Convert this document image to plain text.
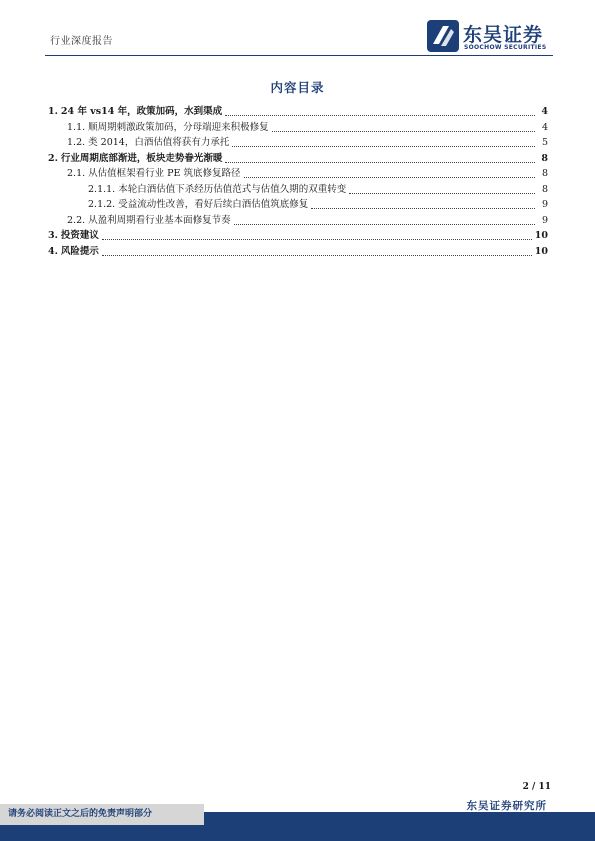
行业深度报告	东吴证券
SOOCHOW SECURITIES
内容目录
1. 24 年 vs14 年，政策加码，水到渠成	4
1.1. 顺周期刺激政策加码，分母端迎来积极修复	4
1.2. 类 2014，白酒估值将获有力承托	5
2. 行业周期底部渐进，板块走势眷光渐暖	8
2.1. 从估值框架看行业 PE 筑底修复路径	8
2.1.1. 本轮白酒估值下杀经历估值范式与估值久期的双重转变	8
2.1.2. 受益流动性改善，看好后续白酒估值筑底修复	9
2.2. 从盈利周期看行业基本面修复节奏	9
3. 投资建议	10
4. 风险提示	10
2 / 11
东吴证券研究所
请务必阅读正文之后的免责声明部分
